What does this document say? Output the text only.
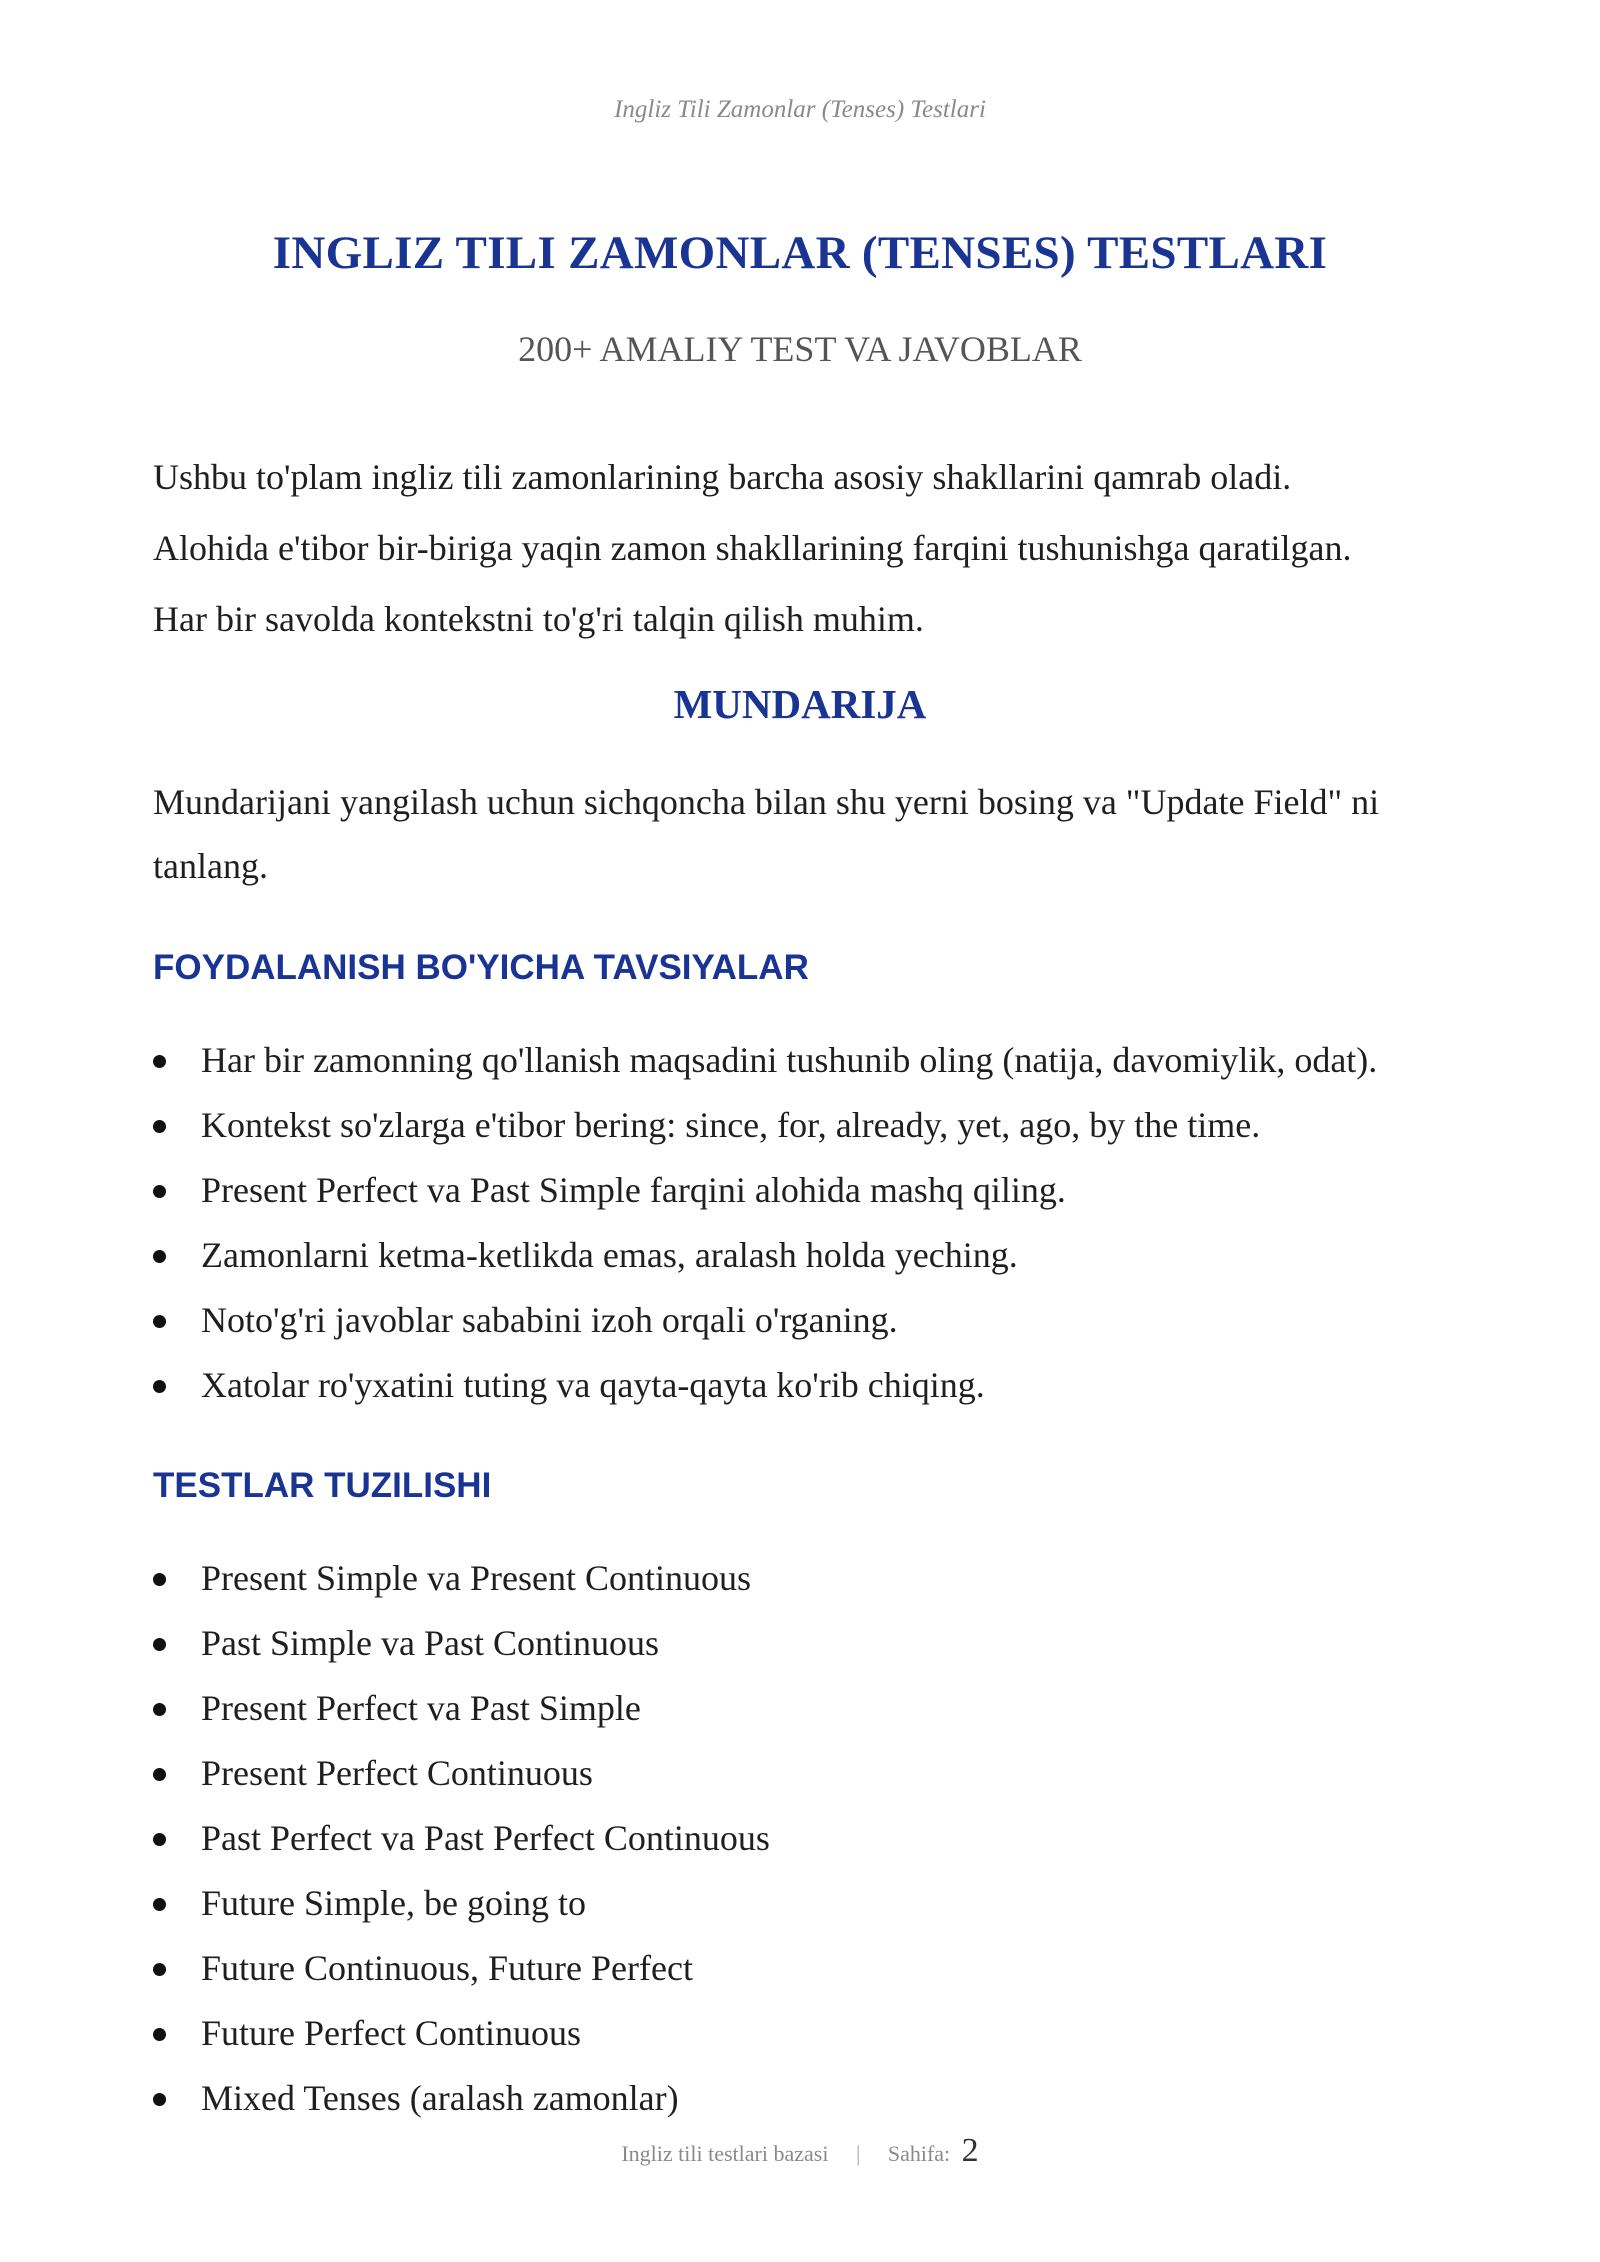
Ingliz Tili Zamonlar (Tenses) Testlari
INGLIZ TILI ZAMONLAR (TENSES) TESTLARI
200+ AMALIY TEST VA JAVOBLAR

Ushbu to'plam ingliz tili zamonlarining barcha asosiy shakllarini qamrab oladi.

Alohida e'tibor bir-biriga yaqin zamon shakllarining farqini tushunishga qaratilgan.

Har bir savolda kontekstni to'g'ri talqin qilish muhim.

MUNDARIJA
Mundarijani yangilash uchun sichqoncha bilan shu yerni bosing va "Update Field" ni tanlang.
FOYDALANISH BO'YICHA TAVSIYALAR
Har bir zamonning qo'llanish maqsadini tushunib oling (natija, davomiylik, odat).
Kontekst so'zlarga e'tibor bering: since, for, already, yet, ago, by the time.
Present Perfect va Past Simple farqini alohida mashq qiling.
Zamonlarni ketma-ketlikda emas, aralash holda yeching.
Noto'g'ri javoblar sababini izoh orqali o'rganing.
Xatolar ro'yxatini tuting va qayta-qayta ko'rib chiqing.
TESTLAR TUZILISHI
Present Simple va Present Continuous
Past Simple va Past Continuous
Present Perfect va Past Simple
Present Perfect Continuous
Past Perfect va Past Perfect Continuous
Future Simple, be going to
Future Continuous, Future Perfect
Future Perfect Continuous
Mixed Tenses (aralash zamonlar)
Ingliz tili testlari bazasi | Sahifa: 2
